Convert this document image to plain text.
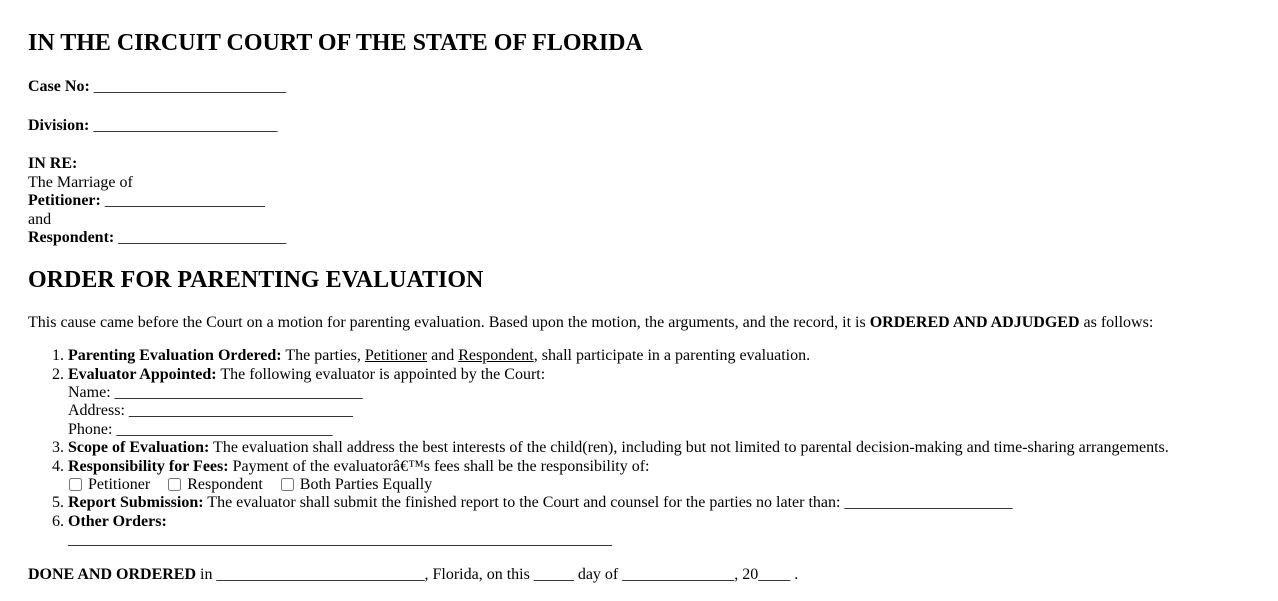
IN THE CIRCUIT COURT OF THE STATE OF FLORIDA

Case No: ________________________

Division: _______________________

IN RE:
The Marriage of
Petitioner: ____________________
and
Respondent: _____________________

ORDER FOR PARENTING EVALUATION

This cause came before the Court on a motion for parenting evaluation. Based upon the motion, the arguments, and the record, it is ORDERED AND ADJUDGED as follows:

1. Parenting Evaluation Ordered: The parties, Petitioner and Respondent, shall participate in a parenting evaluation.
2. Evaluator Appointed: The following evaluator is appointed by the Court:
Name: _______________________________
Address: ____________________________
Phone: ___________________________
3. Scope of Evaluation: The evaluation shall address the best interests of the child(ren), including but not limited to parental decision-making and time-sharing arrangements.
4. Responsibility for Fees: Payment of the evaluatorâ€™s fees shall be the responsibility of:
Petitioner Respondent Both Parties Equally
5. Report Submission: The evaluator shall submit the finished report to the Court and counsel for the parties no later than: _____________________
6. Other Orders:
____________________________________________________________________

DONE AND ORDERED in __________________________, Florida, on this _____ day of ______________, 20____ .
